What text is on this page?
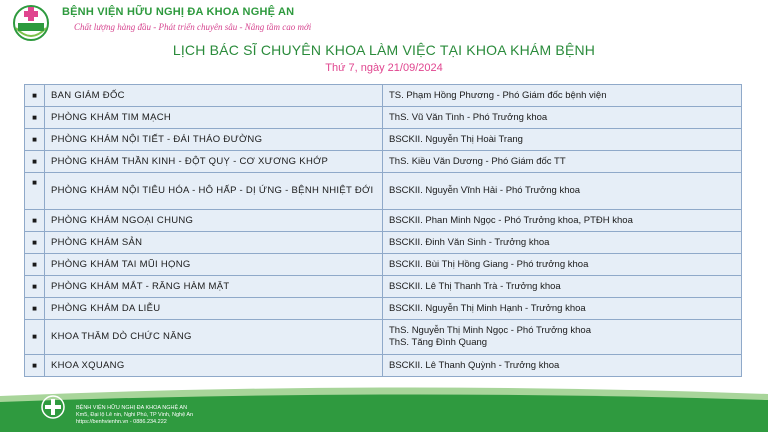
BỆNH VIỆN HỮU NGHỊ ĐA KHOA NGHỆ AN
Chất lượng hàng đầu - Phát triển chuyên sâu - Nâng tầm cao mới
LỊCH BÁC SĨ CHUYÊN KHOA LÀM VIỆC TẠI KHOA KHÁM BỆNH
Thứ 7, ngày 21/09/2024
■	BAN GIÁM ĐỐC	TS. Phạm Hồng Phương - Phó Giám đốc bệnh viện
■	PHÒNG KHÁM TIM MẠCH	ThS. Vũ Văn Tình - Phó Trưởng khoa
■	PHÒNG KHÁM NỘI TIẾT - ĐÁI THÁO ĐƯỜNG	BSCKII. Nguyễn Thị Hoài Trang
■	PHÒNG KHÁM THẦN KINH - ĐỘT QUỴ - CƠ XƯƠNG KHỚP	ThS. Kiều Văn Dương - Phó Giám đốc TT
■	PHÒNG KHÁM NỘI TIÊU HÓA - HÔ HẤP - DỊ ỨNG - BỆNH NHIỆT ĐỚI	BSCKII. Nguyễn Vĩnh Hải - Phó Trưởng khoa
■	PHÒNG KHÁM NGOẠI CHUNG	BSCKII. Phan Minh Ngọc - Phó Trưởng khoa, PTĐH khoa
■	PHÒNG KHÁM SẢN	BSCKII. Đinh Văn Sinh - Trưởng khoa
■	PHÒNG KHÁM TAI MŨI HỌNG	BSCKII. Bùi Thị Hồng Giang - Phó trưởng khoa
■	PHÒNG KHÁM MẮT - RĂNG HÀM MẶT	BSCKII. Lê Thị Thanh Trà - Trưởng khoa
■	PHÒNG KHÁM DA LIỄU	BSCKII. Nguyễn Thị Minh Hạnh - Trưởng khoa
■	KHOA THĂM DÒ CHỨC NĂNG	ThS. Nguyễn Thị Minh Ngọc - Phó Trưởng khoa
ThS. Tăng Đình Quang

■	KHOA XQUANG	BSCKII. Lê Thanh Quỳnh - Trưởng khoa
BỆNH VIỆN HỮU NGHỊ ĐA KHOA NGHỆ AN
Km5, Đại lộ Lê nin, Nghi Phú, TP Vinh, Nghệ An
https://benhvienhn.vn - 0886.234.222
